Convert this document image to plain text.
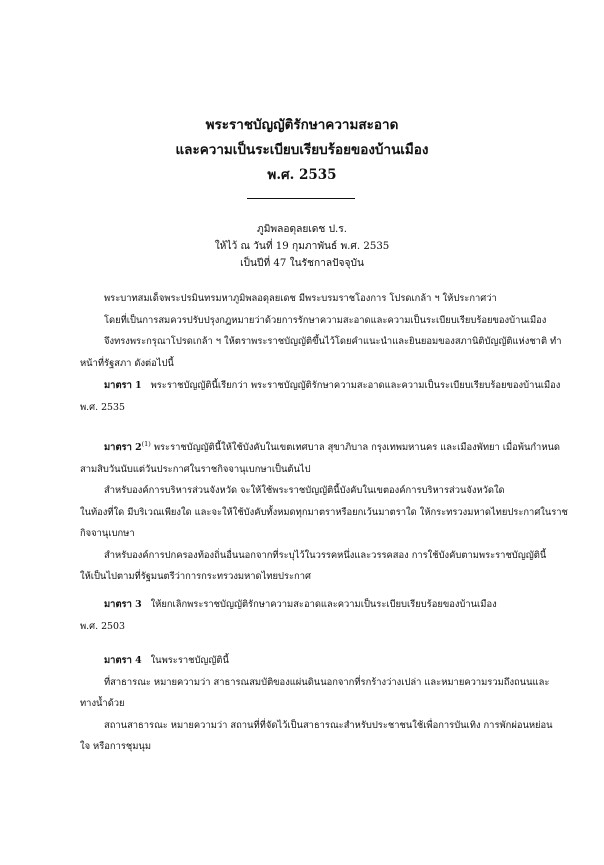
พระราชบัญญัติรักษาความสะอาด
และความเป็นระเบียบเรียบร้อยของบ้านเมือง
พ.ศ. 2535
ภูมิพลอดุลยเดช ป.ร.
ให้ไว้ ณ วันที่ 19 กุมภาพันธ์ พ.ศ. 2535
เป็นปีที่ 47 ในรัชกาลปัจจุบัน

พระบาทสมเด็จพระปรมินทรมหาภูมิพลอดุลยเดช มีพระบรมราชโองการ โปรดเกล้า ฯ ให้ประกาศว่า

โดยที่เป็นการสมควรปรับปรุงกฎหมายว่าด้วยการรักษาความสะอาดและความเป็นระเบียบเรียบร้อยของบ้านเมือง

จึงทรงพระกรุณาโปรดเกล้า ฯ ให้ตราพระราชบัญญัติขึ้นไว้โดยคำแนะนำและยินยอมของสภานิติบัญญัติแห่งชาติ ทำ

หน้าที่รัฐสภา ดังต่อไปนี้

มาตรา 1 พระราชบัญญัตินี้เรียกว่า พระราชบัญญัติรักษาความสะอาดและความเป็นระเบียบเรียบร้อยของบ้านเมือง

พ.ศ. 2535

มาตรา 2$^{(1)}$ พระราชบัญญัตินี้ให้ใช้บังคับในเขตเทศบาล สุขาภิบาล กรุงเทพมหานคร และเมืองพัทยา เมื่อพ้นกำหนด

สามสิบวันนับแต่วันประกาศในราชกิจจานุเบกษาเป็นต้นไป

สำหรับองค์การบริหารส่วนจังหวัด จะให้ใช้พระราชบัญญัตินี้บังคับในเขตองค์การบริหารส่วนจังหวัดใด

ในท้องที่ใด มีบริเวณเพียงใด และจะให้ใช้บังคับทั้งหมดทุกมาตราหรือยกเว้นมาตราใด ให้กระทรวงมหาดไทยประกาศในราช

กิจจานุเบกษา

สำหรับองค์การปกครองท้องถิ่นอื่นนอกจากที่ระบุไว้ในวรรคหนึ่งและวรรคสอง การใช้บังคับตามพระราชบัญญัตินี้

ให้เป็นไปตามที่รัฐมนตรีว่าการกระทรวงมหาดไทยประกาศ

มาตรา 3 ให้ยกเลิกพระราชบัญญัติรักษาความสะอาดและความเป็นระเบียบเรียบร้อยของบ้านเมือง

พ.ศ. 2503

มาตรา 4 ในพระราชบัญญัตินี้

ที่สาธารณะ หมายความว่า สาธารณสมบัติของแผ่นดินนอกจากที่รกร้างว่างเปล่า และหมายความรวมถึงถนนและ

ทางน้ำด้วย

สถานสาธารณะ หมายความว่า สถานที่ที่จัดไว้เป็นสาธารณะสำหรับประชาชนใช้เพื่อการบันเทิง การพักผ่อนหย่อน

ใจ หรือการชุมนุม
